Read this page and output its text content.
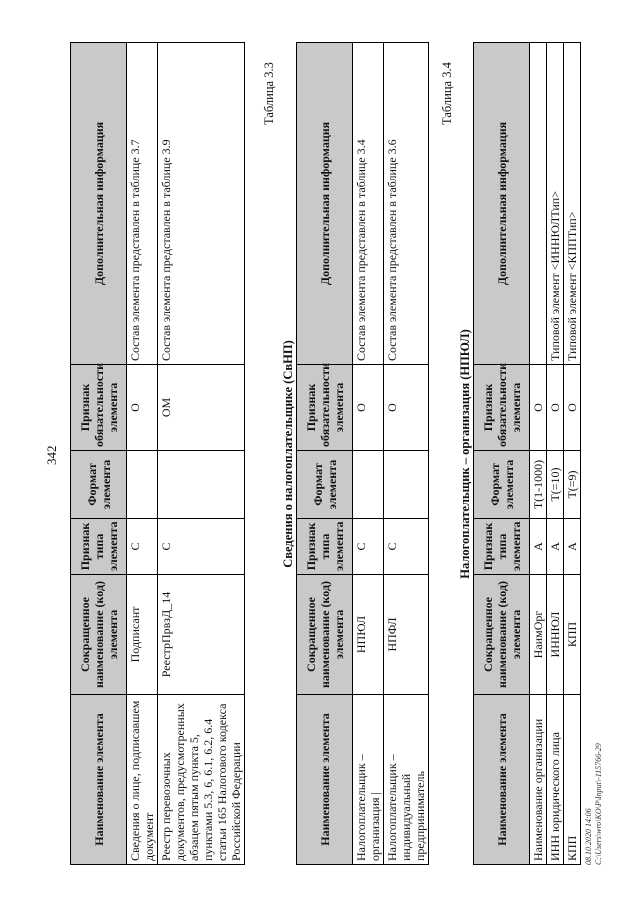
342
Наименование элемента	Сокращенное наименование (код) элемента	Признак типа элемента	Формат элемента	Признак обязательности элемента	Дополнительная информация
Сведения о лице, подписавшем документ	Подписант	С		О	Состав элемента представлен в таблице 3.7
Реестр перевозочных документов, предусмотренных абзацем пятым пункта 5, пунктами 5.3, 6, 6.1, 6.2, 6.4 статьи 165 Налогового кодекса Российской Федерации	РеестрПрвзД_14	С		ОМ	Состав элемента представлен в таблице 3.9
Таблица 3.3
Сведения о налогоплательщике (СвНП)
Наименование элемента	Сокращенное наименование (код) элемента	Признак типа элемента	Формат элемента	Признак обязательности элемента	Дополнительная информация
Налогоплательщик – организация |	НПЮЛ	С		О	Состав элемента представлен в таблице 3.4
Налогоплательщик – индивидуальный предприниматель	НПФЛ	С		О	Состав элемента представлен в таблице 3.6
Таблица 3.4
Налогоплательщик – организация (НПЮЛ)
Наименование элемента	Сокращенное наименование (код) элемента	Признак типа элемента	Формат элемента	Признак обязательности элемента	Дополнительная информация
Наименование организации	НаимОрг	А	T(1-1000)	О	
ИНН юридического лица	ИННЮЛ	А	T(=10)	О	Типовой элемент <ИННЮЛТип>
КПП	КПП	А	T(=9)	О	Типовой элемент <КППТип>
08.10.2020 14:06 С:\Users\wro\KO\P\Input\-115766-29
